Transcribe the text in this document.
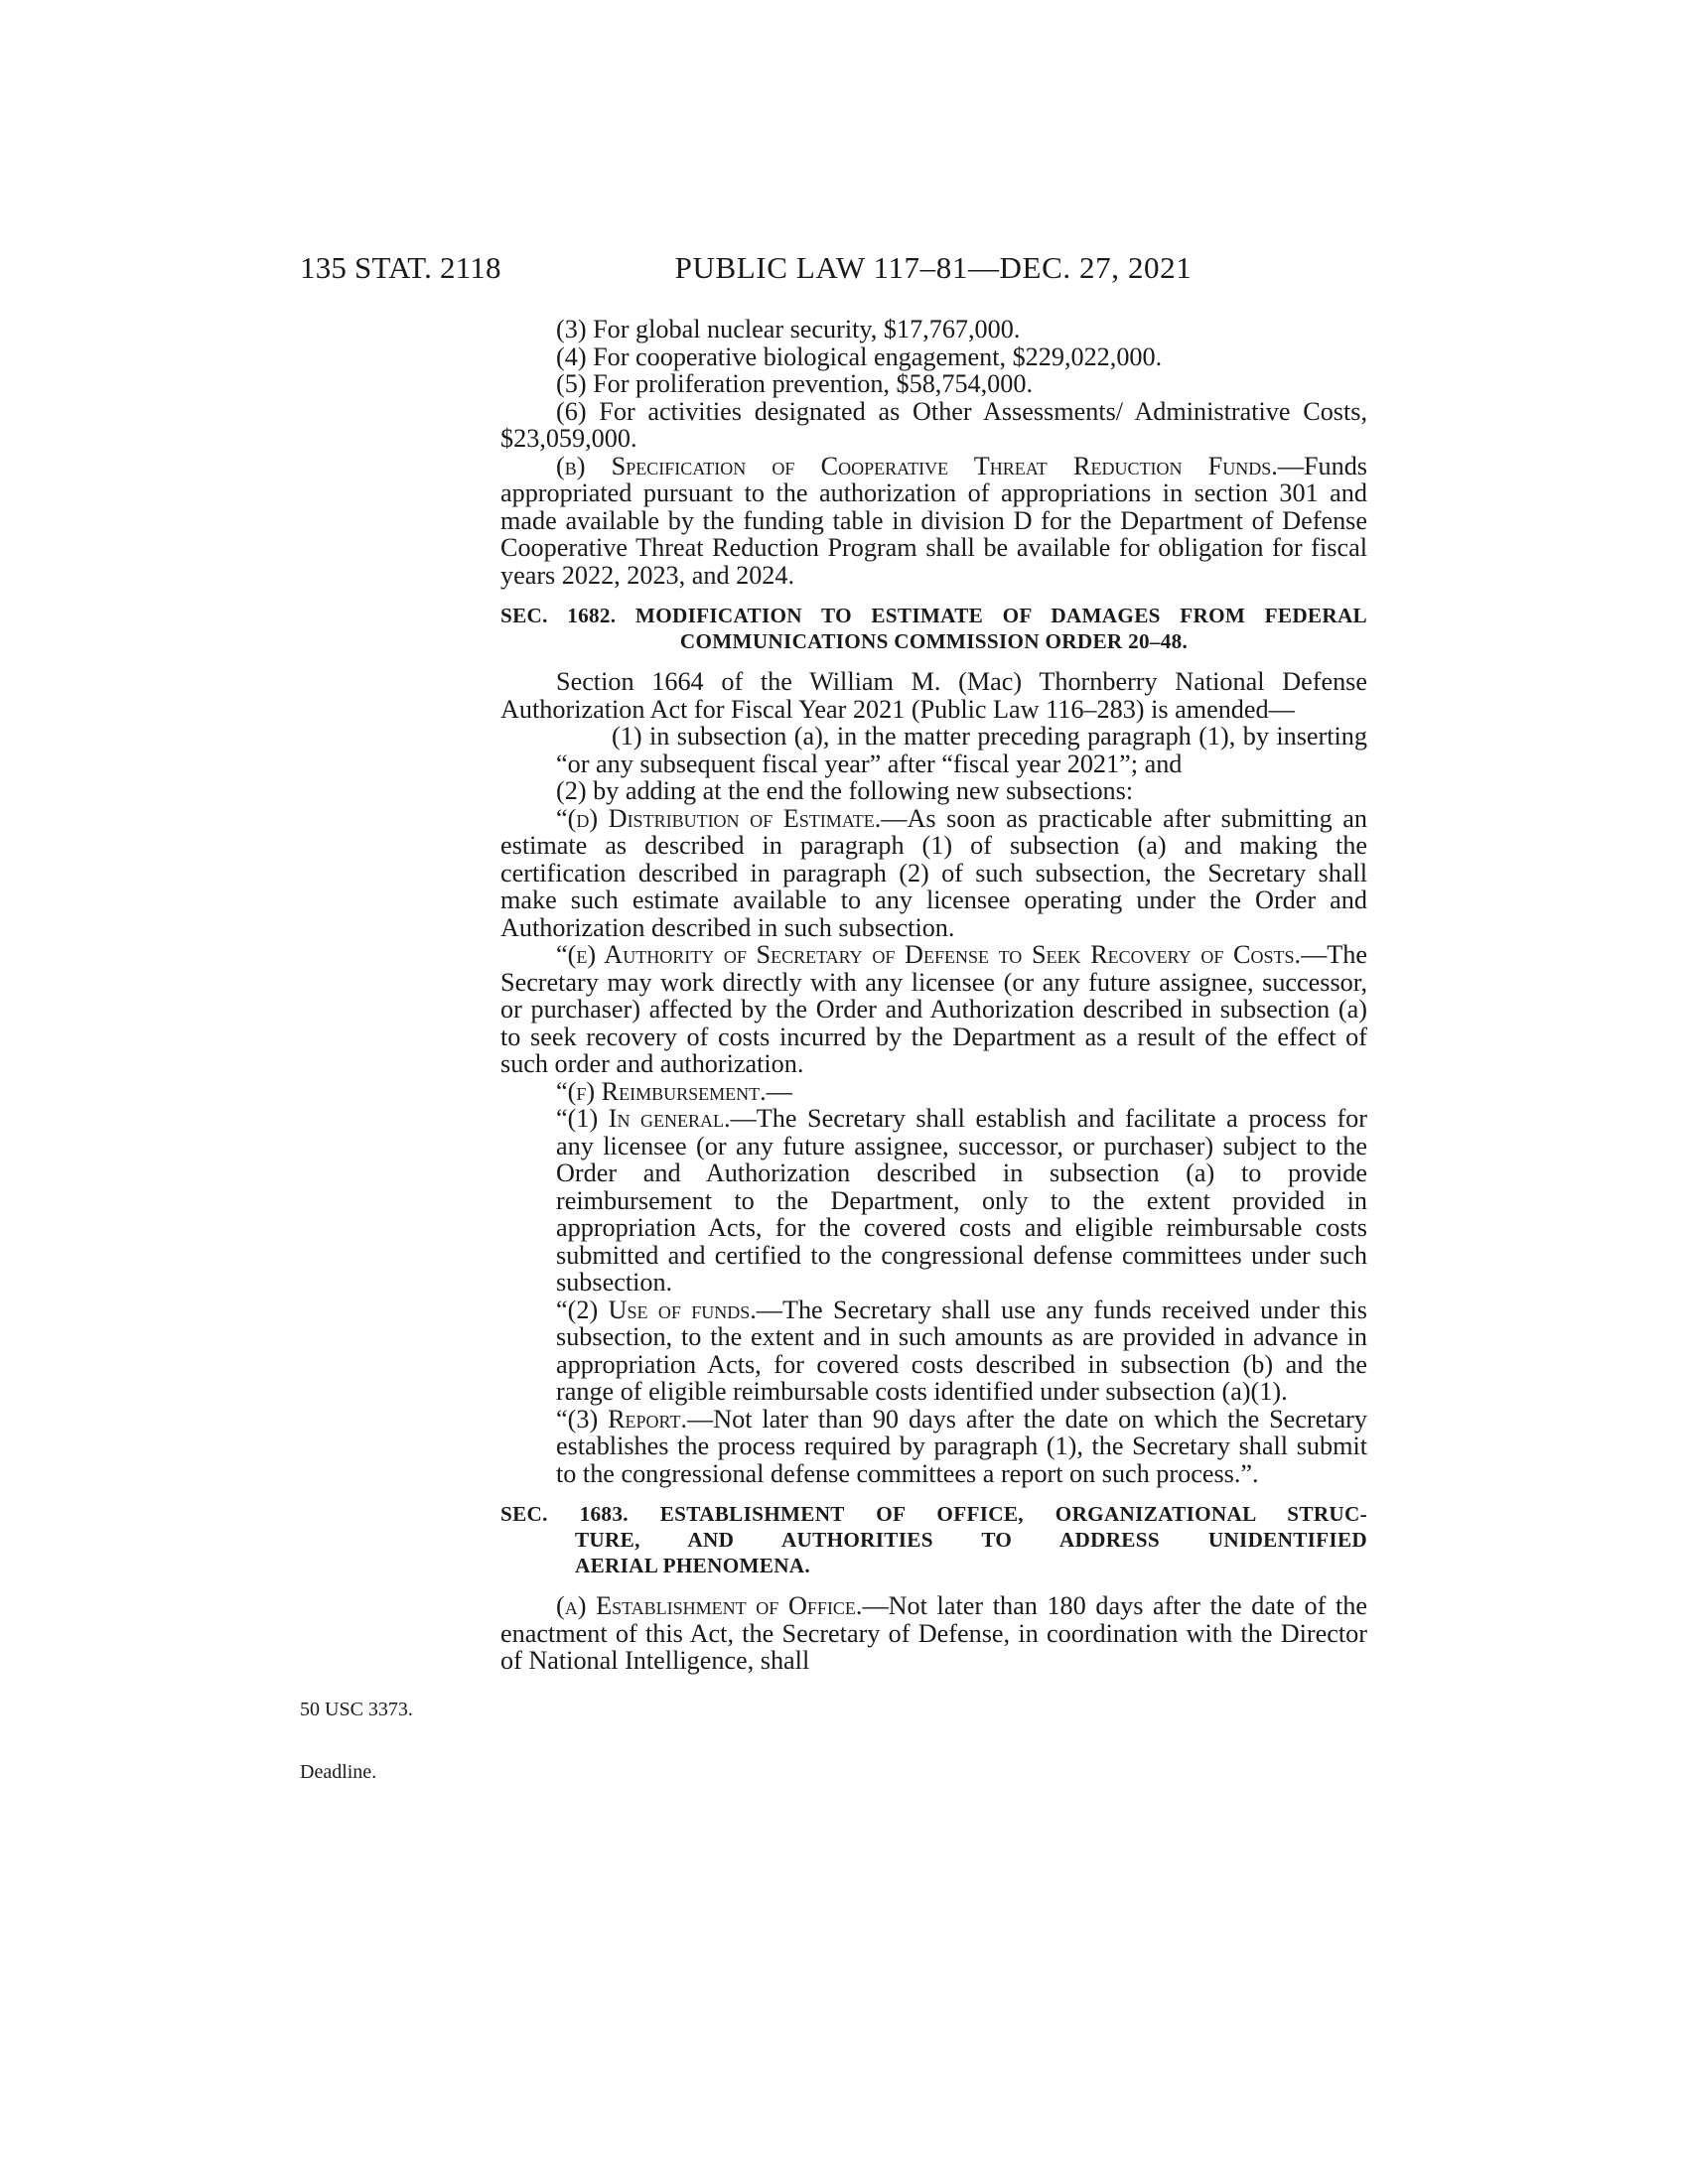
135 STAT. 2118	PUBLIC LAW 117–81—DEC. 27, 2021
50 USC 3373.
Deadline.

(3) For global nuclear security, $17,767,000.

(4) For cooperative biological engagement, $229,022,000.

(5) For proliferation prevention, $58,754,000.

(6) For activities designated as Other Assessments/ Administrative Costs, $23,059,000.

(b) Specification of Cooperative Threat Reduction Funds.—Funds appropriated pursuant to the authorization of appropriations in section 301 and made available by the funding table in division D for the Department of Defense Cooperative Threat Reduction Program shall be available for obligation for fiscal years 2022, 2023, and 2024.

SEC. 1682. MODIFICATION TO ESTIMATE OF DAMAGES FROM FEDERAL
COMMUNICATIONS COMMISSION ORDER 20–48.

Section 1664 of the William M. (Mac) Thornberry National Defense Authorization Act for Fiscal Year 2021 (Public Law 116–283) is amended—

(1) in subsection (a), in the matter preceding paragraph (1), by inserting “or any subsequent fiscal year” after “fiscal year 2021”; and

(2) by adding at the end the following new subsections:

“(d) Distribution of Estimate.—As soon as practicable after submitting an estimate as described in paragraph (1) of subsection (a) and making the certification described in paragraph (2) of such subsection, the Secretary shall make such estimate available to any licensee operating under the Order and Authorization described in such subsection.

“(e) Authority of Secretary of Defense to Seek Recovery of Costs.—The Secretary may work directly with any licensee (or any future assignee, successor, or purchaser) affected by the Order and Authorization described in subsection (a) to seek recovery of costs incurred by the Department as a result of the effect of such order and authorization.

“(f) Reimbursement.—

“(1) In general.—The Secretary shall establish and facilitate a process for any licensee (or any future assignee, successor, or purchaser) subject to the Order and Authorization described in subsection (a) to provide reimbursement to the Department, only to the extent provided in appropriation Acts, for the covered costs and eligible reimbursable costs submitted and certified to the congressional defense committees under such subsection.

“(2) Use of funds.—The Secretary shall use any funds received under this subsection, to the extent and in such amounts as are provided in advance in appropriation Acts, for covered costs described in subsection (b) and the range of eligible reimbursable costs identified under subsection (a)(1).

“(3) Report.—Not later than 90 days after the date on which the Secretary establishes the process required by paragraph (1), the Secretary shall submit to the congressional defense committees a report on such process.”.

SEC. 1683. ESTABLISHMENT OF OFFICE, ORGANIZATIONAL STRUC-
TURE, AND AUTHORITIES TO ADDRESS UNIDENTIFIED
AERIAL PHENOMENA.

(a) Establishment of Office.—Not later than 180 days after the date of the enactment of this Act, the Secretary of Defense, in coordination with the Director of National Intelligence, shall
